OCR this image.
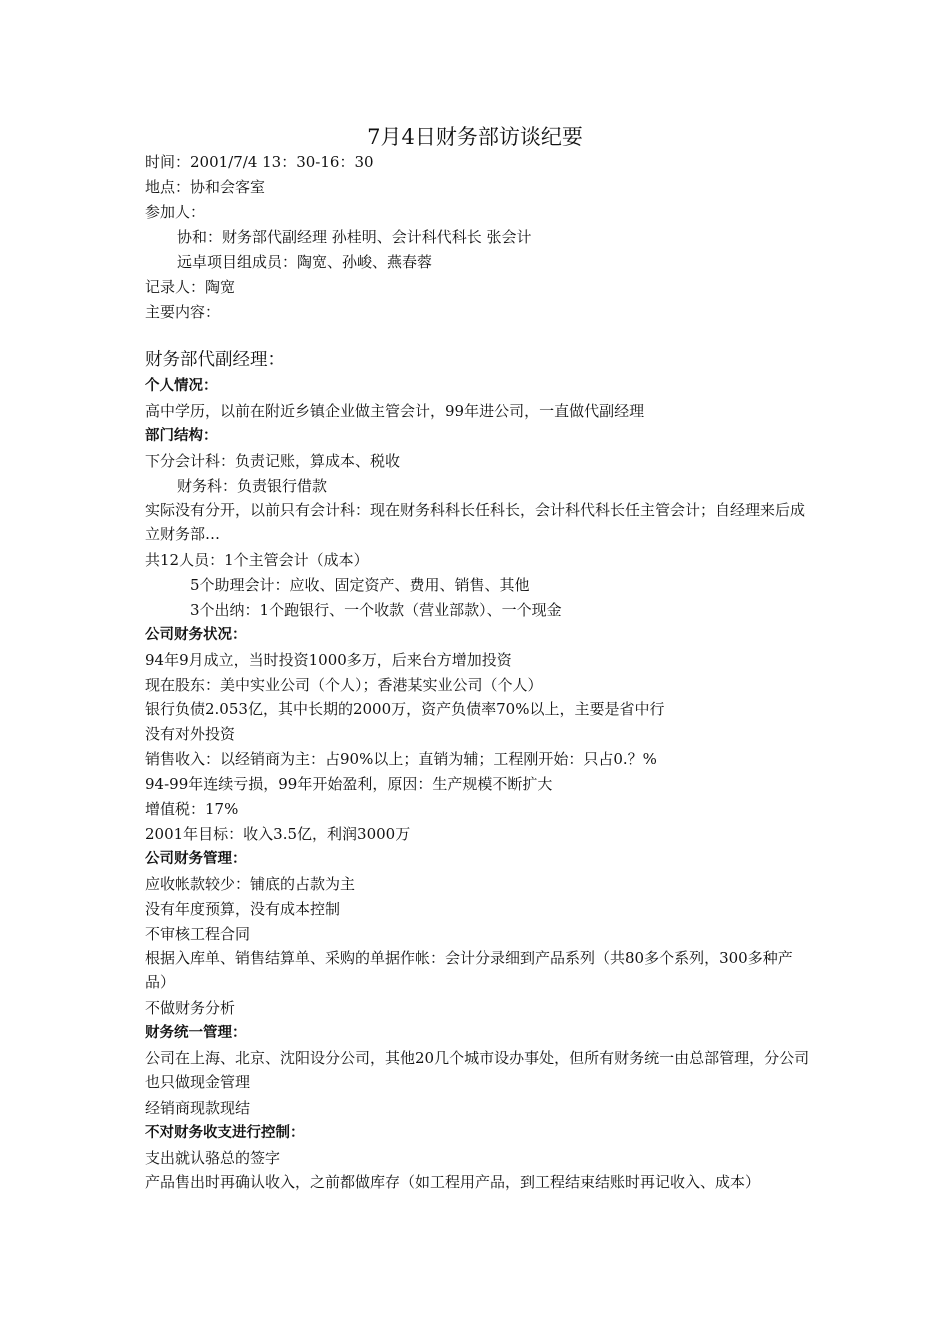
7月4日财务部访谈纪要
时间：2001/7/4 13：30-16：30
地点：协和会客室
参加人：
协和：财务部代副经理 孙桂明、会计科代科长 张会计
远卓项目组成员：陶宽、孙峻、燕春蓉
记录人：陶宽
主要内容：
财务部代副经理：
个人情况：
高中学历，以前在附近乡镇企业做主管会计，99年进公司，一直做代副经理
部门结构：
下分会计科：负责记账，算成本、税收
财务科：负责银行借款
实际没有分开，以前只有会计科：现在财务科科长任科长，会计科代科长任主管会计；自经理来后成立财务部…
共12人员：1个主管会计（成本）
5个助理会计：应收、固定资产、费用、销售、其他
3个出纳：1个跑银行、一个收款（营业部款）、一个现金
公司财务状况：
94年9月成立，当时投资1000多万，后来台方增加投资
现在股东：美中实业公司（个人）；香港某实业公司（个人）
银行负债2.053亿，其中长期的2000万，资产负债率70%以上，主要是省中行
没有对外投资
销售收入：以经销商为主：占90%以上；直销为辅；工程刚开始：只占0.？%
94-99年连续亏损，99年开始盈利，原因：生产规模不断扩大
增值税：17%
2001年目标：收入3.5亿，利润3000万
公司财务管理：
应收帐款较少：铺底的占款为主
没有年度预算，没有成本控制
不审核工程合同
根据入库单、销售结算单、采购的单据作帐：会计分录细到产品系列（共80多个系列，300多种产品）
不做财务分析
财务统一管理：
公司在上海、北京、沈阳设分公司，其他20几个城市设办事处，但所有财务统一由总部管理，分公司也只做现金管理
经销商现款现结
不对财务收支进行控制：
支出就认骆总的签字
产品售出时再确认收入，之前都做库存（如工程用产品，到工程结束结账时再记收入、成本）
